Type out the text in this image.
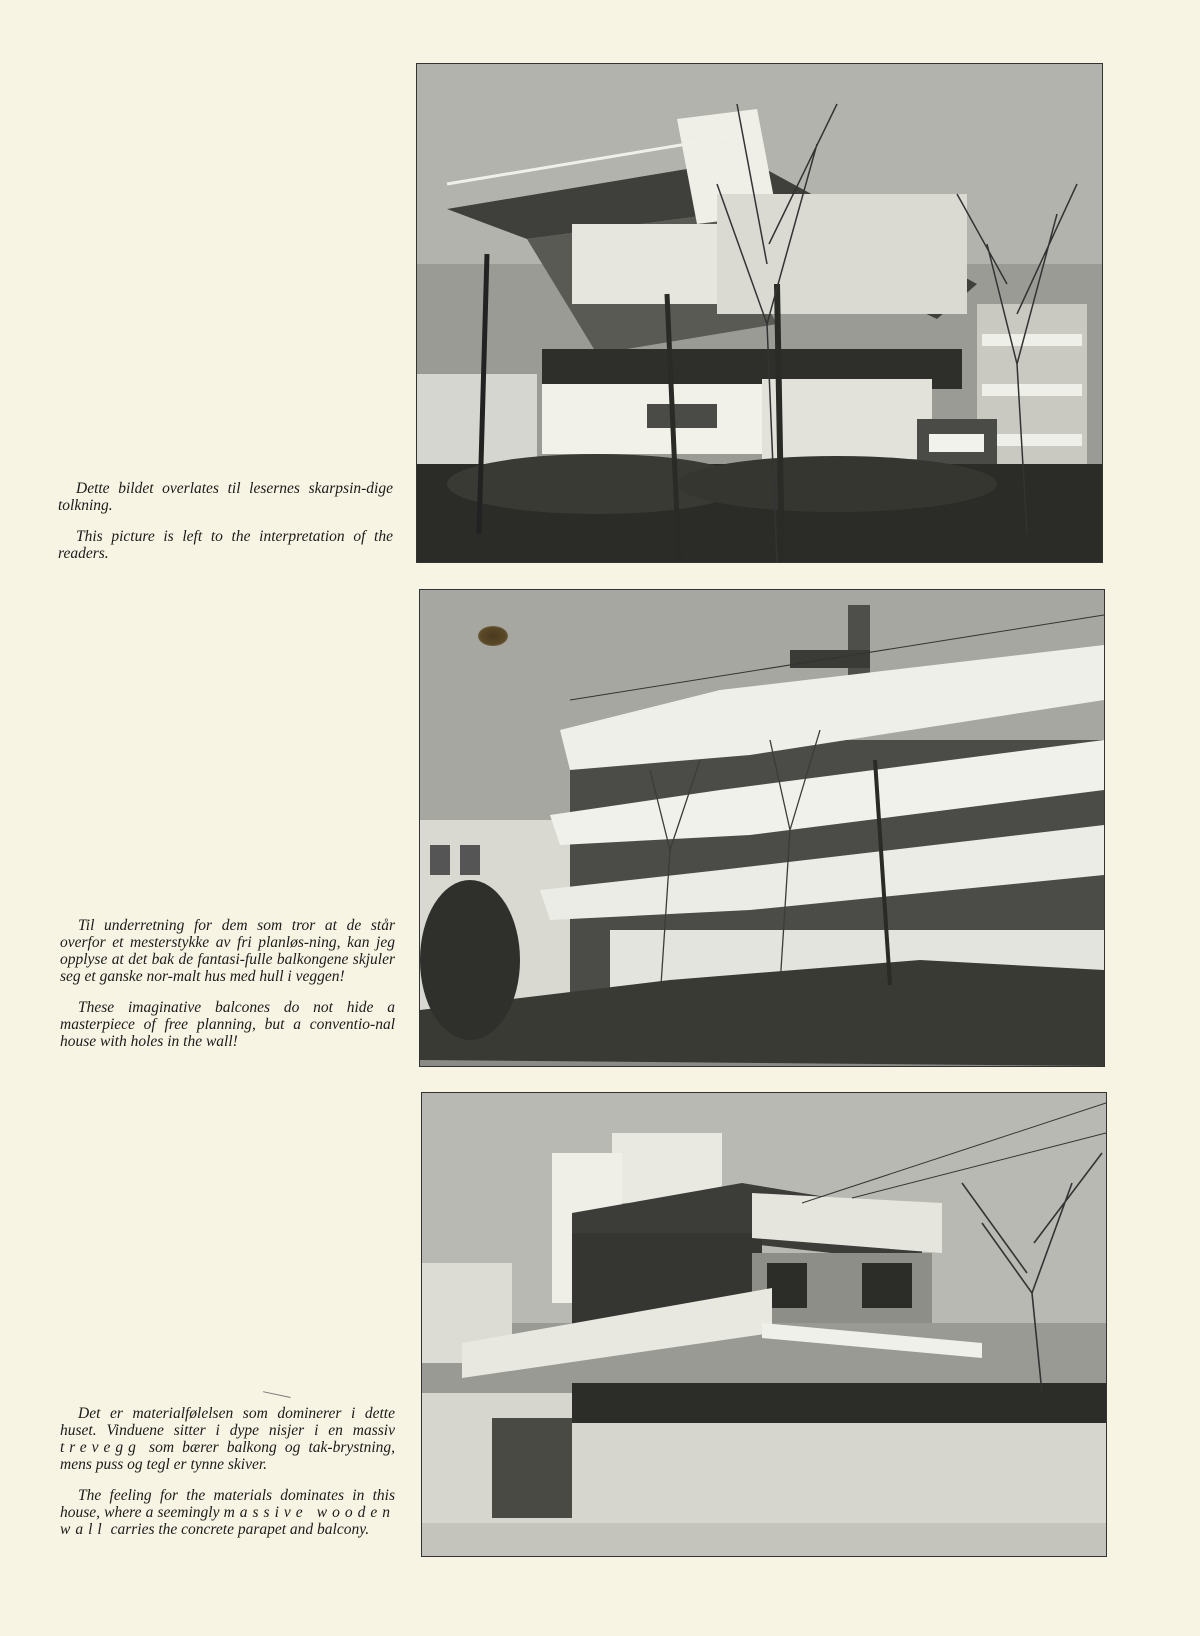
Dette bildet overlates til lesernes skarpsin-dige tolkning.

This picture is left to the interpretation of the readers.

Til underretning for dem som tror at de står overfor et mesterstykke av fri planløs-ning, kan jeg opplyse at det bak de fantasi-fulle balkongene skjuler seg et ganske nor-malt hus med hull i veggen!

These imaginative balcones do not hide a masterpiece of free planning, but a conventio-nal house with holes in the wall!

Det er materialfølelsen som dominerer i dette huset. Vinduene sitter i dype nisjer i en massiv trevegg som bærer balkong og tak-brystning, mens puss og tegl er tynne skiver.

The feeling for the materials dominates in this house, where a seemingly massive wooden wall carries the concrete parapet and balcony.
